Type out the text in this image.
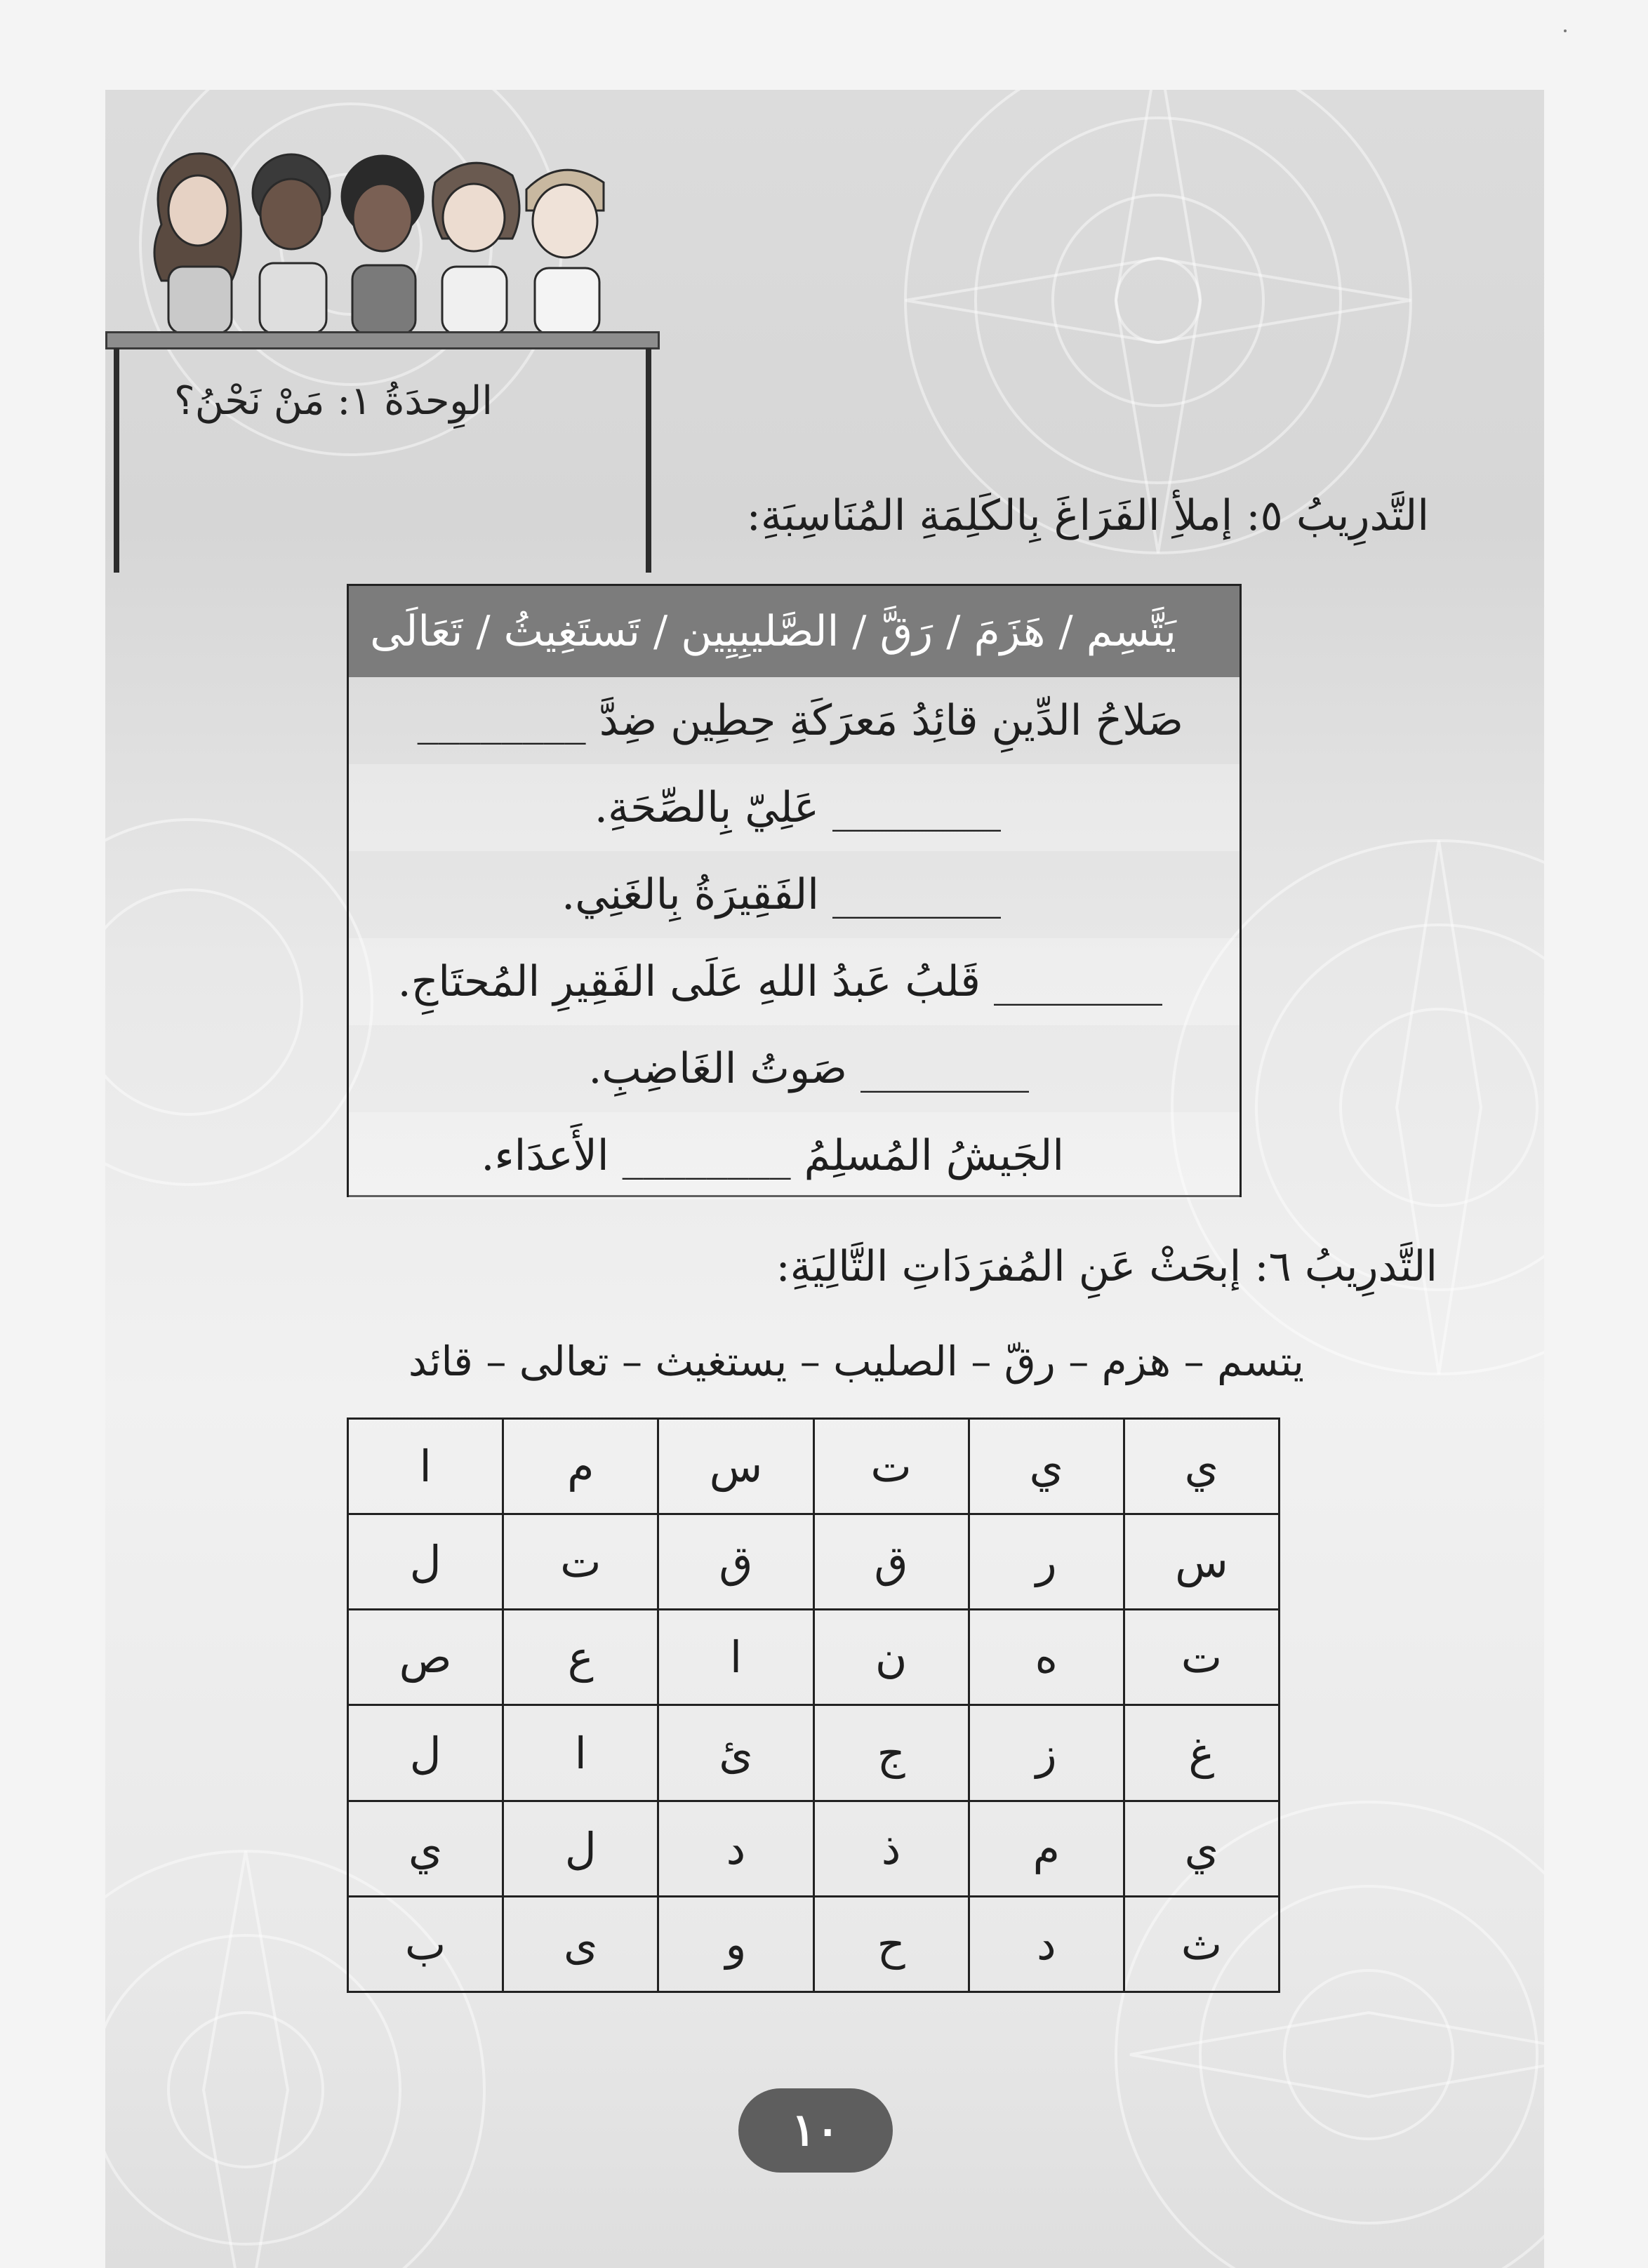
الوِحدَةُ ١: مَنْ نَحْنُ؟
التَّدرِيبُ ٥: إملأِ الفَرَاغَ بِالكَلِمَةِ المُنَاسِبَةِ:
يَتَّسِم / هَزَمَ / رَقَّ / الصَّليبِيِين / تَستَغِيثُ / تَعَالَى
صَلاحُ الدِّينِ قائِدُ مَعرَكَةِ حِطِين ضِدَّ ________
________ عَلِيّ بِالصِّحَةِ.
________ الفَقِيرَةُ بِالغَنِي.
________ قَلبُ عَبدُ اللهِ عَلَى الفَقِيرِ المُحتَاجِ.
________ صَوتُ الغَاضِبِ.
الجَيشُ المُسلِمُ ________ الأَعدَاء.
التَّدرِيبُ ٦: إبحَثْ عَنِ المُفرَدَاتِ التَّالِيَةِ:
يتسم – هزم – رقّ – الصليب – يستغيث – تعالى – قائد
ي	ي	ت	س	م	ا
س	ر	ق	ق	ت	ل
ت	ه	ن	ا	ع	ص
غ	ز	ج	ئ	ا	ل
ي	م	ذ	د	ل	ي
ث	د	ح	و	ى	ب
١٠
